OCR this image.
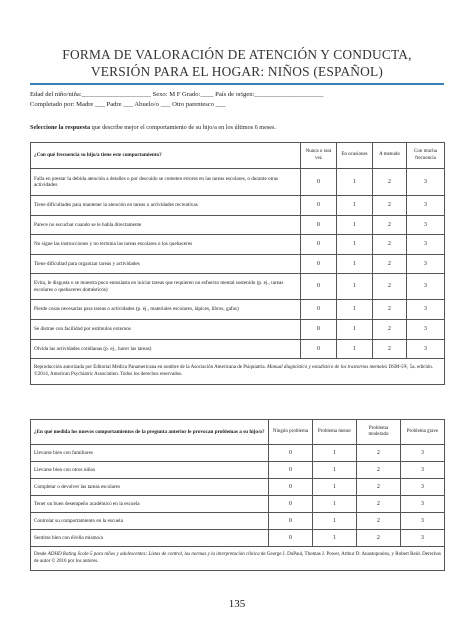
FORMA DE VALORACIÓN DE ATENCIÓN Y CONDUCTA, VERSIÓN PARA EL HOGAR: NIÑOS (ESPAÑOL)
Edad del niño/niña:_____________________ Sexo: M F Grado:____ País de origen:_____________________
Completado por: Madre ___ Padre ___ Abuelo/o ___ Otro parentesco ___
Seleccione la respuesta que describe mejor el comportamiento de su hijo/a en los últimos 6 meses.
¿Con qué frecuencia su hijo/a tiene este comportamiento?	Nunca o rara vez	En ocasiones	A menudo	Con mucha frecuencia
Falla en prestar la debida atención a detalles o por descuido se cometen errores en las tareas escolares, o durante otras actividades	0	1	2	3
Tiene dificultades para mantener la atención en tareas o actividades recreativas	0	1	2	3
Parece no escuchar cuando se le habla directamente	0	1	2	3
No sigue las instrucciones y no termina las tareas escolares o los quehaceres	0	1	2	3
Tiene dificultad para organizar tareas y actividades	0	1	2	3
Evita, le disgusta o se muestra poco entusiasta en iniciar tareas que requieren un esfuerzo mental sostenido (p. ej., tareas escolares o quehaceres domésticos)	0	1	2	3
Pierde cosas necesarias para tareas o actividades (p. ej., materiales escolares, lápices, libros, gafas)	0	1	2	3
Se distrae con facilidad por estímulos externos	0	1	2	3
Olvida las actividades cotidianas (p. ej., hacer las tareas)	0	1	2	3
Reproducción autorizada por Editorial Médica Panamericana en nombre de la Asociación Americana de Psiquiatría. Manual diagnóstico y estadístico de los trastornos mentales DSM-5®, 5a. edición. ©2014, American Psychiatric Association. Todos los derechos reservados.				
¿En qué medida los nuevos comportamientos de la pregunta anterior le provocan problemas a su hijo/o?	Ningún problema	Problema menor	Problema moderado	Problema grave
Llevarse bien con familiares	0	1	2	3
Llevarse bien con otros niños	0	1	2	3
Completar o devolver las tareas escolares	0	1	2	3
Tener un buen desempeño académico en la escuela	0	1	2	3
Controlar su comportamiento en la escuela	0	1	2	3
Sentirse bien con él/ella mismo/a	0	1	2	3
Desde ADHD Rating Scale-5 para niños y adolescentes: Listas de control, las normas y la interpretación clínica de George J. DuPaul, Thomas J. Power, Arthur D. Anastopoulos, y Robert Reid. Derechos de autor © 2016 por los autores.				
135
